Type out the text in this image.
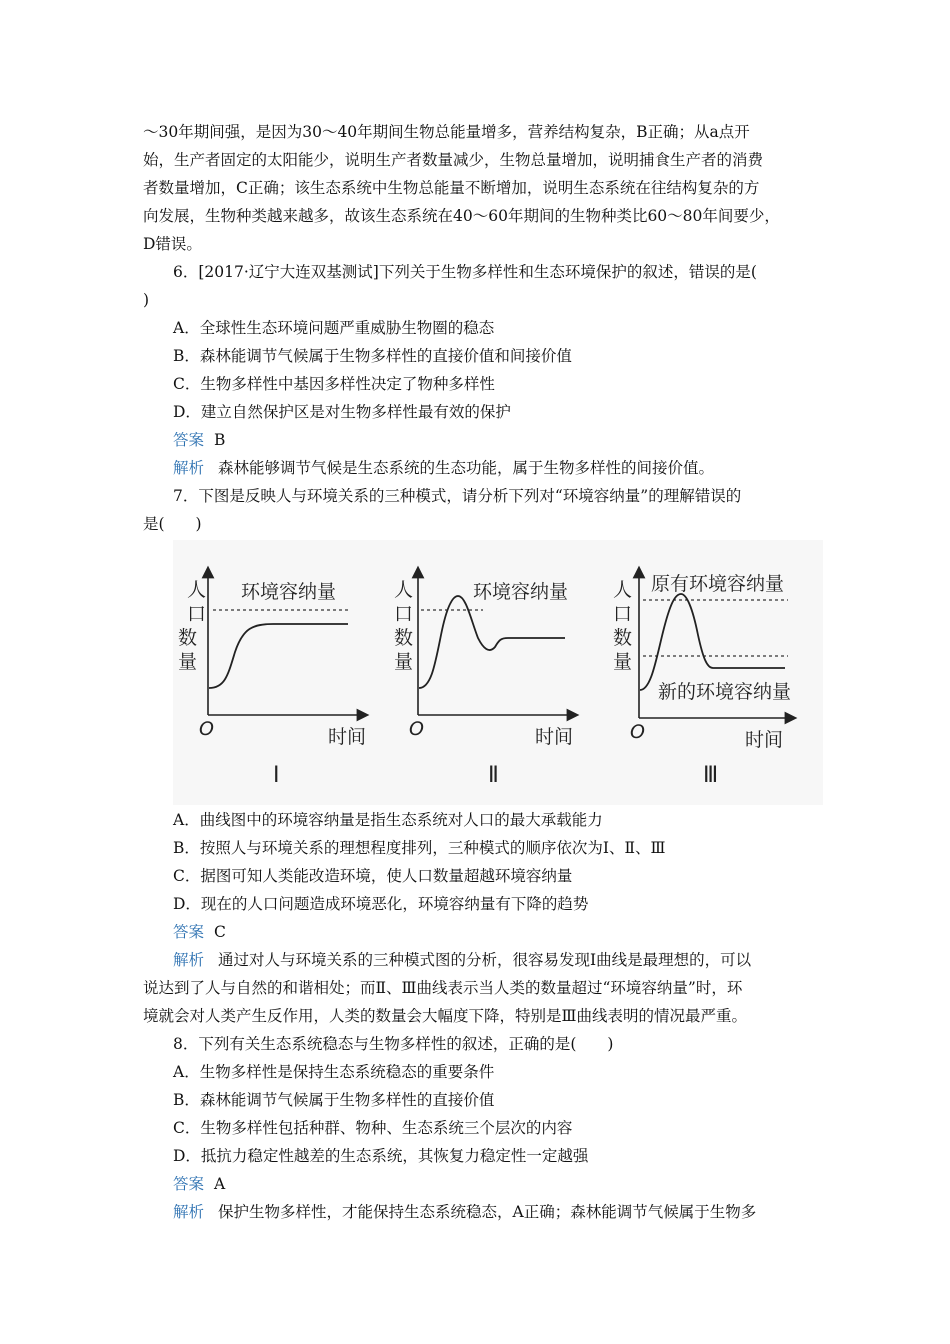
～30年期间强，是因为30～40年期间生物总能量增多，营养结构复杂，B正确；从a点开
始，生产者固定的太阳能少，说明生产者数量减少，生物总量增加，说明捕食生产者的消费
者数量增加，C正确；该生态系统中生物总能量不断增加，说明生态系统在往结构复杂的方
向发展，生物种类越来越多，故该生态系统在40～60年期间的生物种类比60～80年间要少，
D错误。
6．[2017·辽宁大连双基测试]下列关于生物多样性和生态环境保护的叙述，错误的是(
)
A．全球性生态环境问题严重威胁生物圈的稳态
B．森林能调节气候属于生物多样性的直接价值和间接价值
C．生物多样性中基因多样性决定了物种多样性
D．建立自然保护区是对生物多样性最有效的保护
答案 B
解析 森林能够调节气候是生态系统的生态功能，属于生物多样性的间接价值。
7．下图是反映人与环境关系的三种模式，请分析下列对“环境容纳量”的理解错误的
是(　　)
人
口
数
量
O	时间
环境容纳量
Ⅰ
人
口
数
量
O	时间
环境容纳量
Ⅱ
人
口
数
量
O	时间
原有环境容纳量
新的环境容纳量
Ⅲ
A．曲线图中的环境容纳量是指生态系统对人口的最大承载能力
B．按照人与环境关系的理想程度排列，三种模式的顺序依次为Ⅰ、Ⅱ、Ⅲ
C．据图可知人类能改造环境，使人口数量超越环境容纳量
D．现在的人口问题造成环境恶化，环境容纳量有下降的趋势
答案 C
解析 通过对人与环境关系的三种模式图的分析，很容易发现Ⅰ曲线是最理想的，可以
说达到了人与自然的和谐相处；而Ⅱ、Ⅲ曲线表示当人类的数量超过“环境容纳量”时，环
境就会对人类产生反作用，人类的数量会大幅度下降，特别是Ⅲ曲线表明的情况最严重。
8．下列有关生态系统稳态与生物多样性的叙述，正确的是(　　)
A．生物多样性是保持生态系统稳态的重要条件
B．森林能调节气候属于生物多样性的直接价值
C．生物多样性包括种群、物种、生态系统三个层次的内容
D．抵抗力稳定性越差的生态系统，其恢复力稳定性一定越强
答案 A
解析 保护生物多样性，才能保持生态系统稳态，A正确；森林能调节气候属于生物多
